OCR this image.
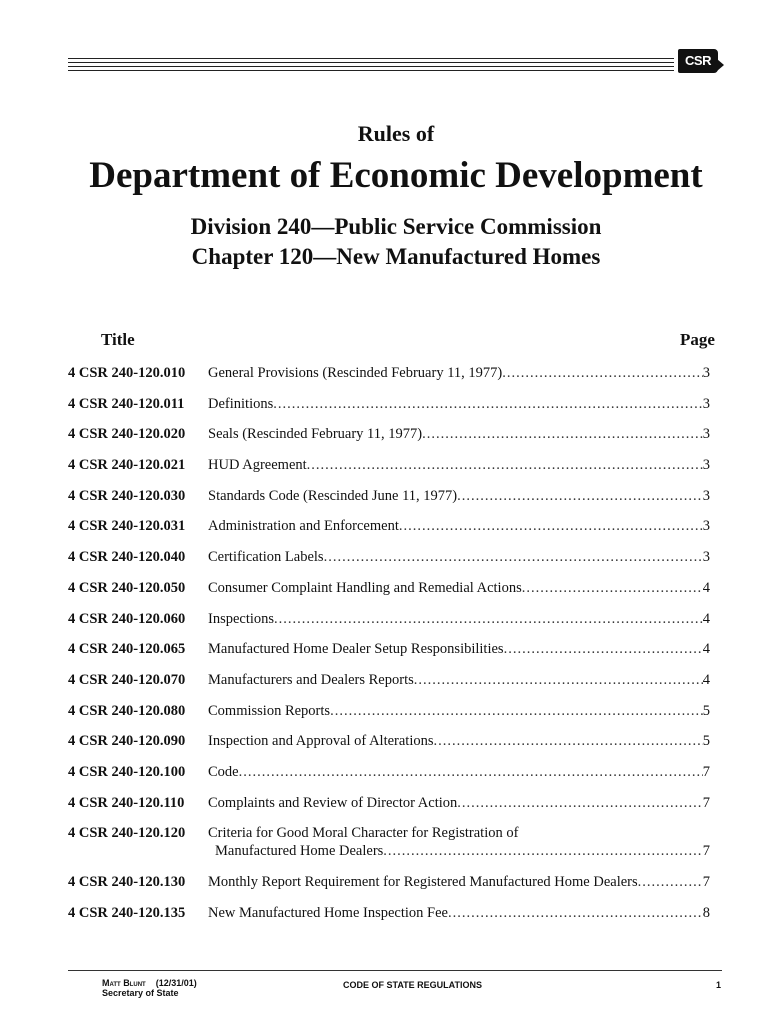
CSR
Rules of
Department of Economic Development
Division 240—Public Service Commission
Chapter 120—New Manufactured Homes
Title	Page
4 CSR 240-120.010	General Provisions (Rescinded February 11, 1977) .....	3
4 CSR 240-120.011	Definitions .....	3
4 CSR 240-120.020	Seals (Rescinded February 11, 1977) .....	3
4 CSR 240-120.021	HUD Agreement .....	3
4 CSR 240-120.030	Standards Code (Rescinded June 11, 1977) .....	3
4 CSR 240-120.031	Administration and Enforcement .....	3
4 CSR 240-120.040	Certification Labels .....	3
4 CSR 240-120.050	Consumer Complaint Handling and Remedial Actions .....	4
4 CSR 240-120.060	Inspections .....	4
4 CSR 240-120.065	Manufactured Home Dealer Setup Responsibilities .....	4
4 CSR 240-120.070	Manufacturers and Dealers Reports .....	4
4 CSR 240-120.080	Commission Reports .....	5
4 CSR 240-120.090	Inspection and Approval of Alterations .....	5
4 CSR 240-120.100	Code .....	7
4 CSR 240-120.110	Complaints and Review of Director Action .....	7
4 CSR 240-120.120	Criteria for Good Moral Character for Registration of
Manufactured Home Dealers .....	7
4 CSR 240-120.130	Monthly Report Requirement for Registered Manufactured Home Dealers .....	7
4 CSR 240-120.135	New Manufactured Home Inspection Fee .....	8
Matt Blunt (12/31/01)
Secretary of State
CODE OF STATE REGULATIONS	1
